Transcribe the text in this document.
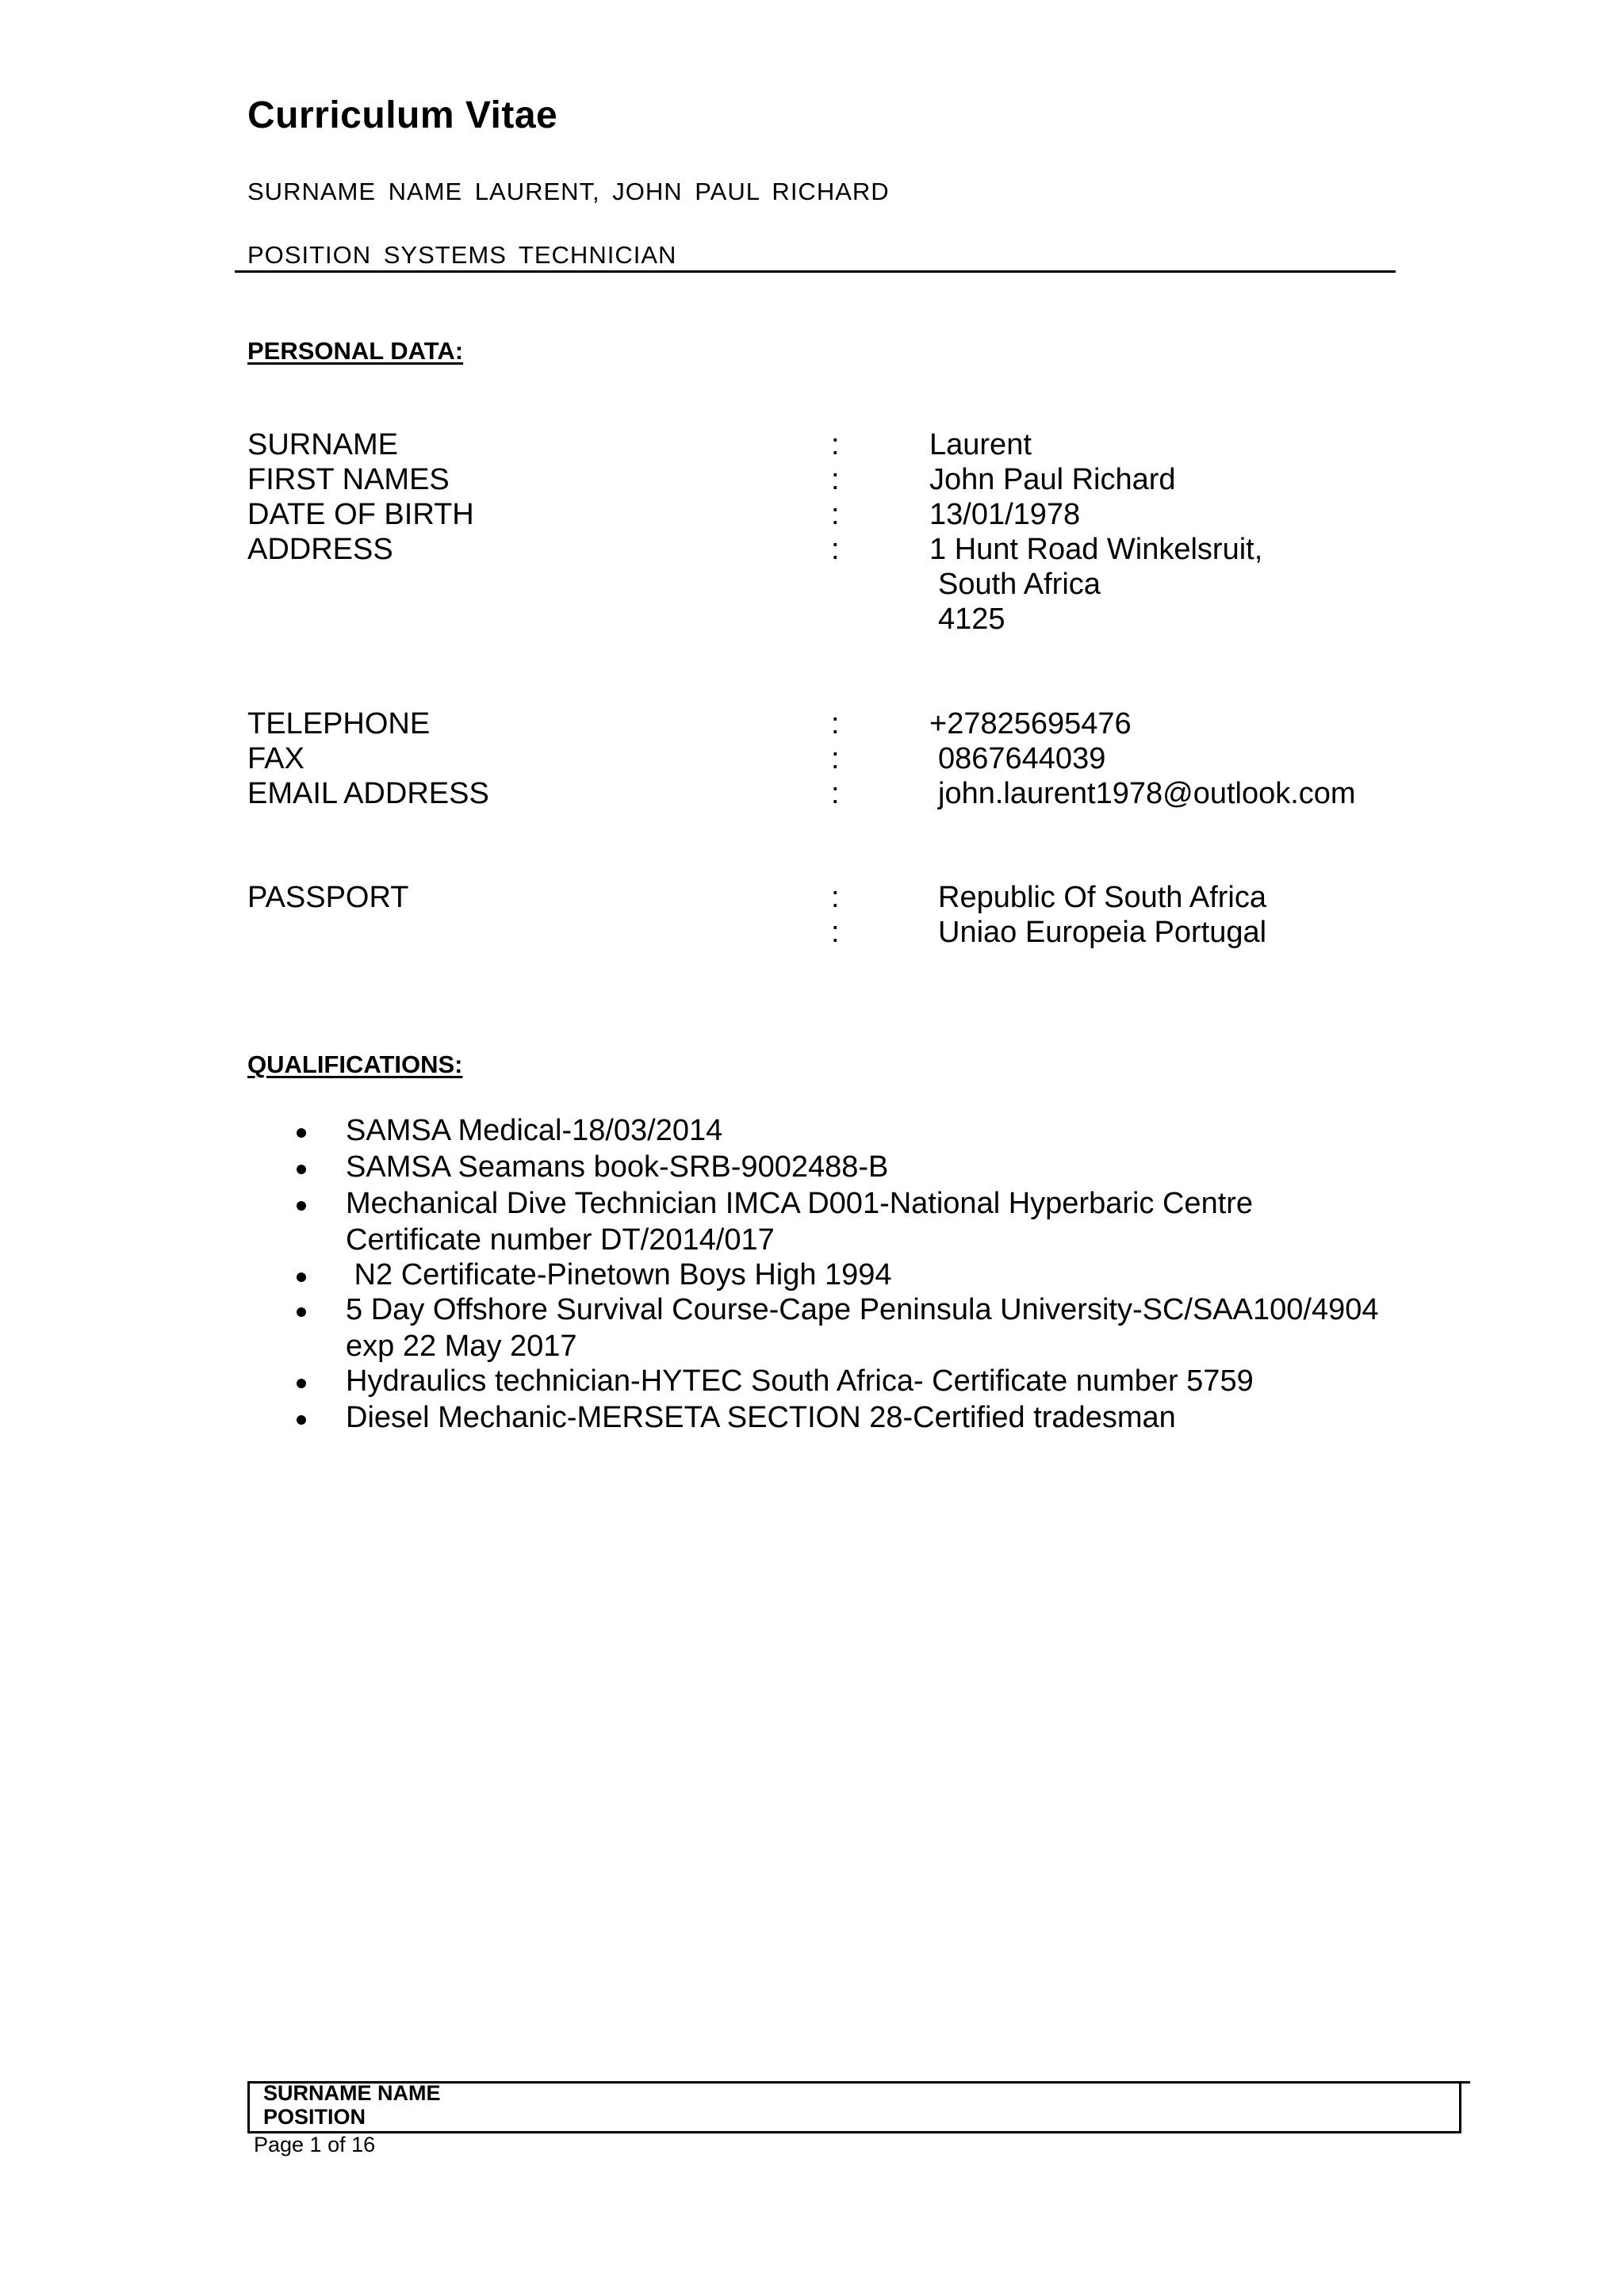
Curriculum Vitae
SURNAME NAME LAURENT, JOHN PAUL RICHARD
POSITION SYSTEMS TECHNICIAN
PERSONAL DATA:
SURNAME	:	Laurent
FIRST NAMES	:	John Paul Richard
DATE OF BIRTH	:	13/01/1978
ADDRESS	:	1 Hunt Road Winkelsruit,
South Africa
4125
TELEPHONE	:	+27825695476
FAX	:	0867644039
EMAIL ADDRESS	:	john.laurent1978@outlook.com
PASSPORT	:	Republic Of South Africa
:	Uniao Europeia Portugal
QUALIFICATIONS:
SAMSA Medical-18/03/2014
SAMSA Seamans book-SRB-9002488-B
Mechanical Dive Technician IMCA D001-National Hyperbaric Centre
Certificate number DT/2014/017
N2 Certificate-Pinetown Boys High 1994
5 Day Offshore Survival Course-Cape Peninsula University-SC/SAA100/4904
exp 22 May 2017
Hydraulics technician-HYTEC South Africa- Certificate number 5759
Diesel Mechanic-MERSETA SECTION 28-Certified tradesman
SURNAME NAME
POSITION
Page 1 of 16
